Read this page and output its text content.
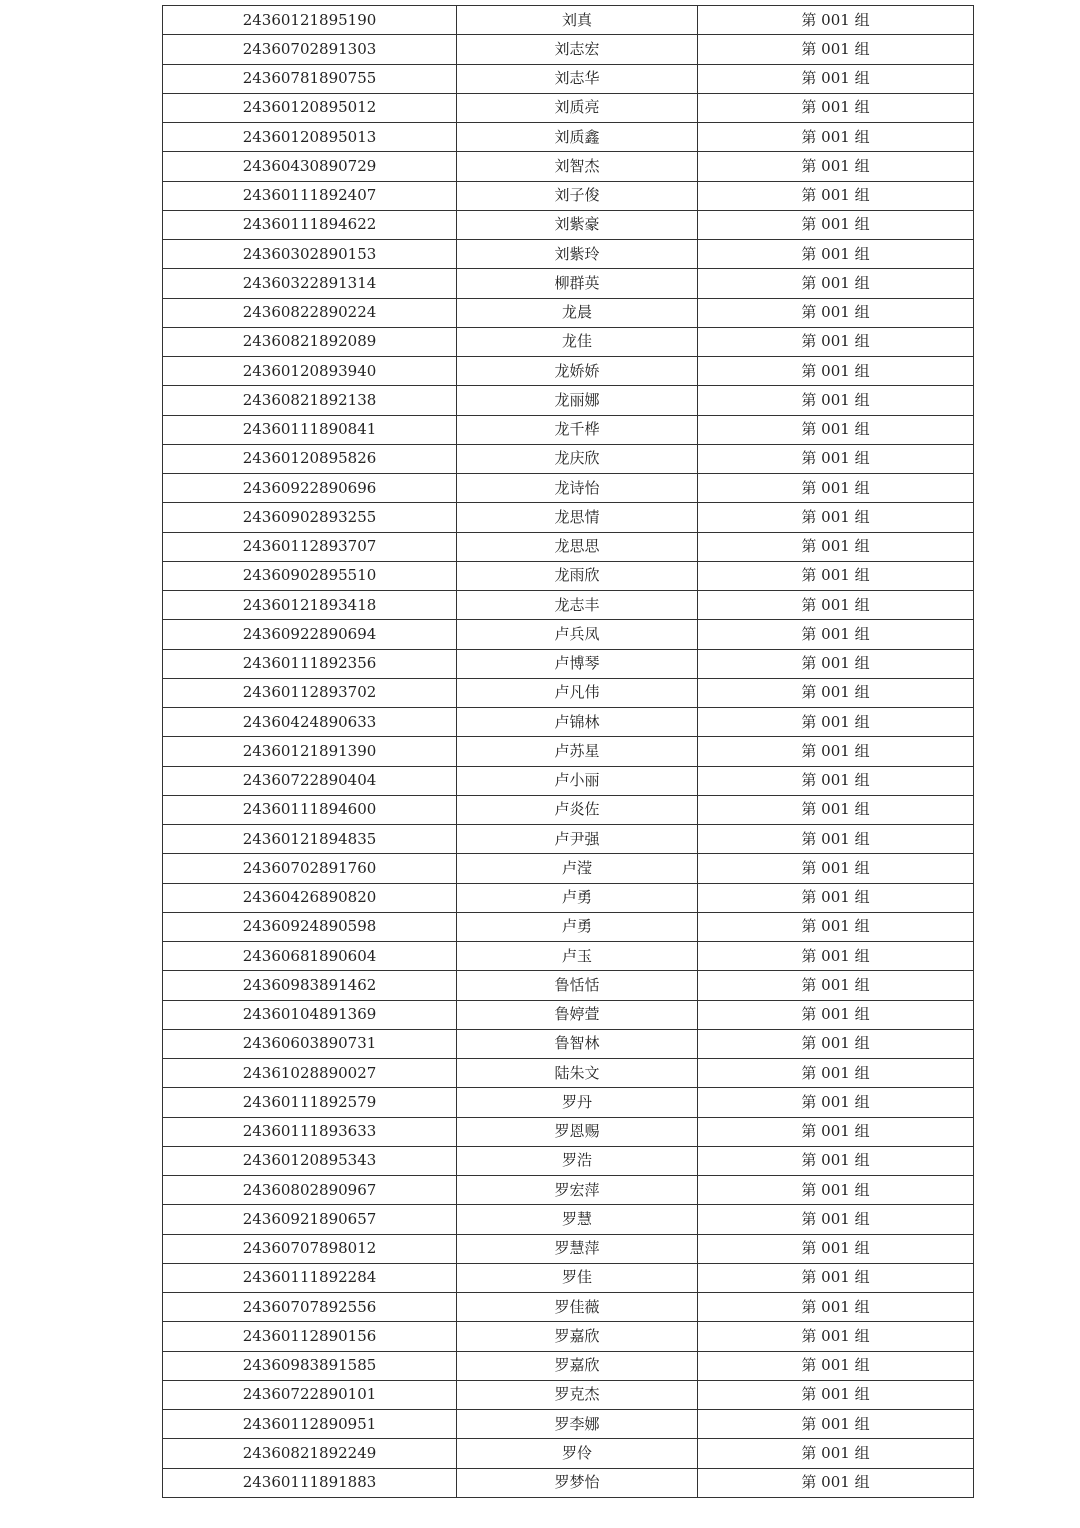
24360121895190	刘真	第 001 组
24360702891303	刘志宏	第 001 组
24360781890755	刘志华	第 001 组
24360120895012	刘质亮	第 001 组
24360120895013	刘质鑫	第 001 组
24360430890729	刘智杰	第 001 组
24360111892407	刘子俊	第 001 组
24360111894622	刘紫豪	第 001 组
24360302890153	刘紫玲	第 001 组
24360322891314	柳群英	第 001 组
24360822890224	龙晨	第 001 组
24360821892089	龙佳	第 001 组
24360120893940	龙娇娇	第 001 组
24360821892138	龙丽娜	第 001 组
24360111890841	龙千桦	第 001 组
24360120895826	龙庆欣	第 001 组
24360922890696	龙诗怡	第 001 组
24360902893255	龙思情	第 001 组
24360112893707	龙思思	第 001 组
24360902895510	龙雨欣	第 001 组
24360121893418	龙志丰	第 001 组
24360922890694	卢兵凤	第 001 组
24360111892356	卢博琴	第 001 组
24360112893702	卢凡伟	第 001 组
24360424890633	卢锦林	第 001 组
24360121891390	卢苏星	第 001 组
24360722890404	卢小丽	第 001 组
24360111894600	卢炎佐	第 001 组
24360121894835	卢尹强	第 001 组
24360702891760	卢滢	第 001 组
24360426890820	卢勇	第 001 组
24360924890598	卢勇	第 001 组
24360681890604	卢玉	第 001 组
24360983891462	鲁恬恬	第 001 组
24360104891369	鲁婷萱	第 001 组
24360603890731	鲁智林	第 001 组
24361028890027	陆朱文	第 001 组
24360111892579	罗丹	第 001 组
24360111893633	罗恩赐	第 001 组
24360120895343	罗浩	第 001 组
24360802890967	罗宏萍	第 001 组
24360921890657	罗慧	第 001 组
24360707898012	罗慧萍	第 001 组
24360111892284	罗佳	第 001 组
24360707892556	罗佳薇	第 001 组
24360112890156	罗嘉欣	第 001 组
24360983891585	罗嘉欣	第 001 组
24360722890101	罗克杰	第 001 组
24360112890951	罗李娜	第 001 组
24360821892249	罗伶	第 001 组
24360111891883	罗梦怡	第 001 组
